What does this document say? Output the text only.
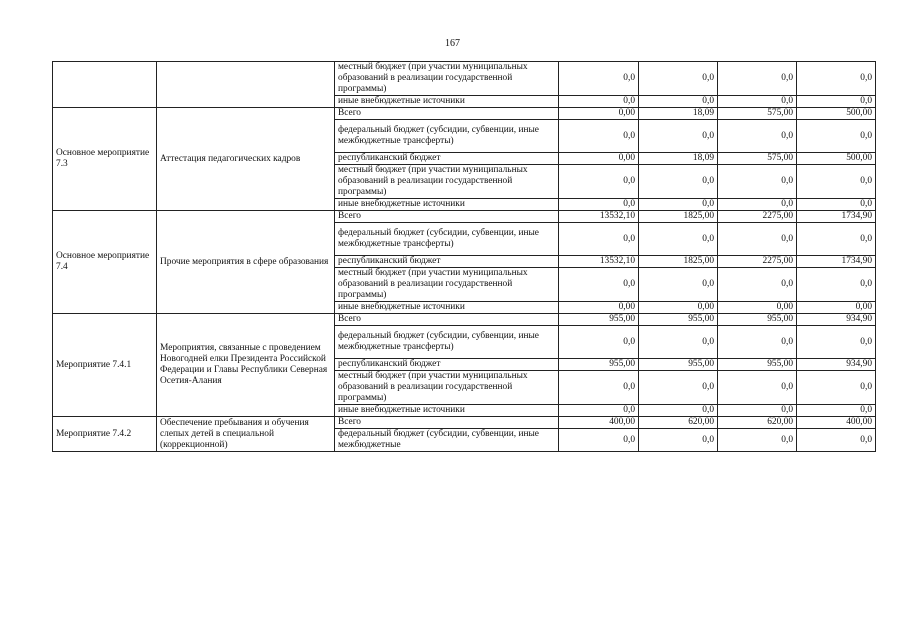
167
		местный бюджет (при участии муниципальных образований в реализации государственной программы)	0,0	0,0	0,0	0,0
		иные внебюджетные источники	0,0	0,0	0,0	0,0
Основное мероприятие 7.3	Аттестация педагогических кадров	Всего	0,00	18,09	575,00	500,00
		федеральный бюджет (субсидии, субвенции, иные межбюджетные трансферты)	0,0	0,0	0,0	0,0
		республиканский бюджет	0,00	18,09	575,00	500,00
		местный бюджет (при участии муниципальных образований в реализации государственной программы)	0,0	0,0	0,0	0,0
		иные внебюджетные источники	0,0	0,0	0,0	0,0
Основное мероприятие 7.4	Прочие мероприятия в сфере образования	Всего	13532,10	1825,00	2275,00	1734,90
		федеральный бюджет (субсидии, субвенции, иные межбюджетные трансферты)	0,0	0,0	0,0	0,0
		республиканский бюджет	13532,10	1825,00	2275,00	1734,90
		местный бюджет (при участии муниципальных образований в реализации государственной программы)	0,0	0,0	0,0	0,0
		иные внебюджетные источники	0,00	0,00	0,00	0,00
Мероприятие 7.4.1	Мероприятия, связанные с проведением Новогодней елки Президента Российской Федерации и Главы Республики Северная Осетия-Алания	Всего	955,00	955,00	955,00	934,90
		федеральный бюджет (субсидии, субвенции, иные межбюджетные трансферты)	0,0	0,0	0,0	0,0
		республиканский бюджет	955,00	955,00	955,00	934,90
		местный бюджет (при участии муниципальных образований в реализации государственной программы)	0,0	0,0	0,0	0,0
		иные внебюджетные источники	0,0	0,0	0,0	0,0
Мероприятие 7.4.2	Обеспечение пребывания и обучения слепых детей в специальной (коррекционной)	Всего	400,00	620,00	620,00	400,00
		федеральный бюджет (субсидии, субвенции, иные межбюджетные	0,0	0,0	0,0	0,0
